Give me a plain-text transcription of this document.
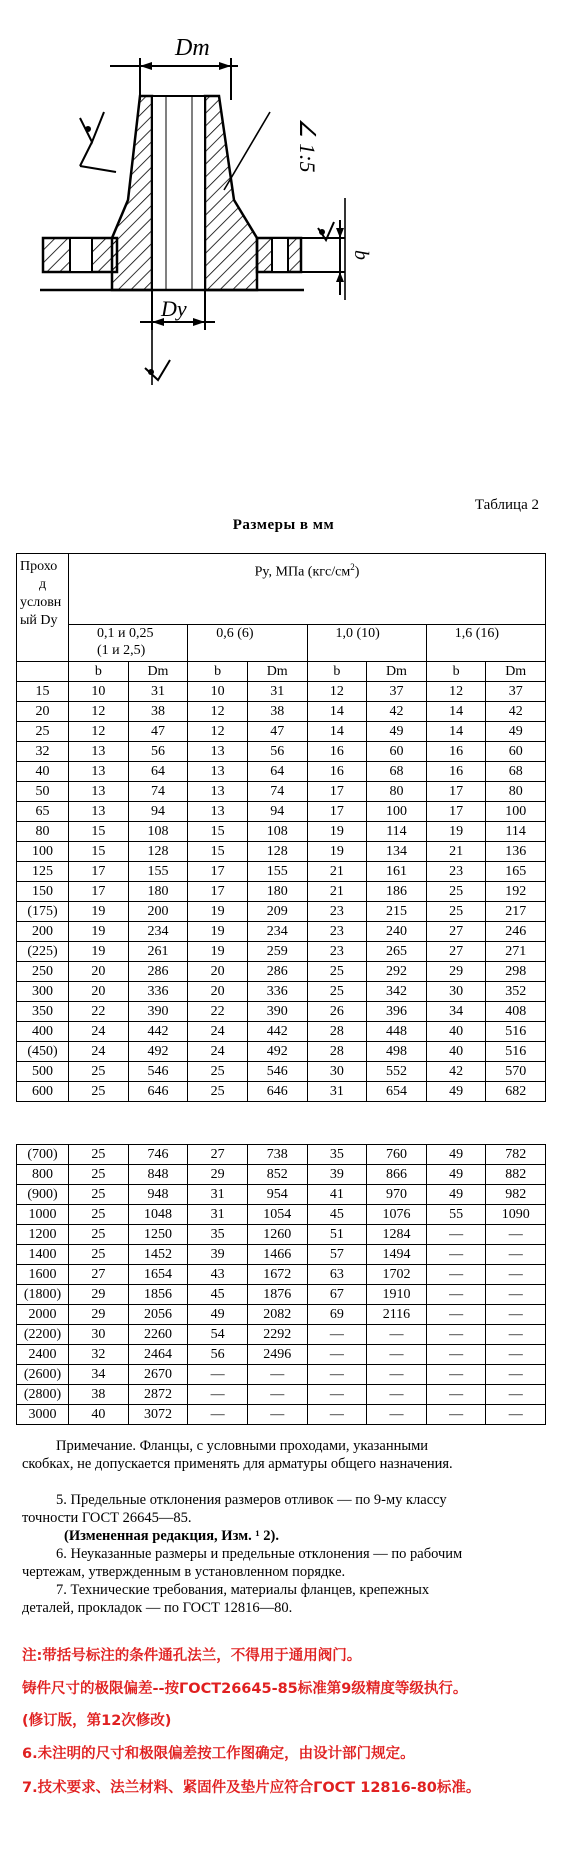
Dm
∠ 1:5
Dy
b
Таблица 2
Размеры в мм
Прохо
д
условн
ый Dy	Py, МПа $(кгс/см^2)$							

	0,1 и 0,25
(1 и 2,5)		0,6 (6)		1,0 (10)		1,6 (16)	
	b	Dm	b	Dm	b	Dm	b	Dm
15	10	31	10	31	12	37	12	37
20	12	38	12	38	14	42	14	42
25	12	47	12	47	14	49	14	49
32	13	56	13	56	16	60	16	60
40	13	64	13	64	16	68	16	68
50	13	74	13	74	17	80	17	80
65	13	94	13	94	17	100	17	100
80	15	108	15	108	19	114	19	114
100	15	128	15	128	19	134	21	136
125	17	155	17	155	21	161	23	165
150	17	180	17	180	21	186	25	192
(175)	19	200	19	209	23	215	25	217
200	19	234	19	234	23	240	27	246
(225)	19	261	19	259	23	265	27	271
250	20	286	20	286	25	292	29	298
300	20	336	20	336	25	342	30	352
350	22	390	22	390	26	396	34	408
400	24	442	24	442	28	448	40	516
(450)	24	492	24	492	28	498	40	516
500	25	546	25	546	30	552	42	570
600	25	646	25	646	31	654	49	682
(700)	25	746	27	738	35	760	49	782
800	25	848	29	852	39	866	49	882
(900)	25	948	31	954	41	970	49	982
1000	25	1048	31	1054	45	1076	55	1090
1200	25	1250	35	1260	51	1284	—	—
1400	25	1452	39	1466	57	1494	—	—
1600	27	1654	43	1672	63	1702	—	—
(1800)	29	1856	45	1876	67	1910	—	—
2000	29	2056	49	2082	69	2116	—	—
(2200)	30	2260	54	2292	—	—	—	—
2400	32	2464	56	2496	—	—	—	—
(2600)	34	2670	—	—	—	—	—	—
(2800)	38	2872	—	—	—	—	—	—
3000	40	3072	—	—	—	—	—	—
Примечание. Фланцы, с условными проходами, указанными
скобках, не допускается применять для арматуры общего назначения.
5. Предельные отклонения размеров отливок — по 9-му классу
точности ГОСТ 26645—85.
(Измененная редакция, Изм. ¹ 2).
6. Неуказанные размеры и предельные отклонения — по рабочим
чертежам, утвержденным в установленном порядке.
7. Технические требования, материалы фланцев, крепежных
деталей, прокладок — по ГОСТ 12816—80.
注:带括号标注的条件通孔法兰，不得用于通用阀门。
铸件尺寸的极限偏差--按ГОСТ26645-85标准第9级精度等级执行。
(修订版，第12次修改)
6.未注明的尺寸和极限偏差按工作图确定，由设计部门规定。
7.技术要求、法兰材料、紧固件及垫片应符合ГОСТ 12816-80标准。
